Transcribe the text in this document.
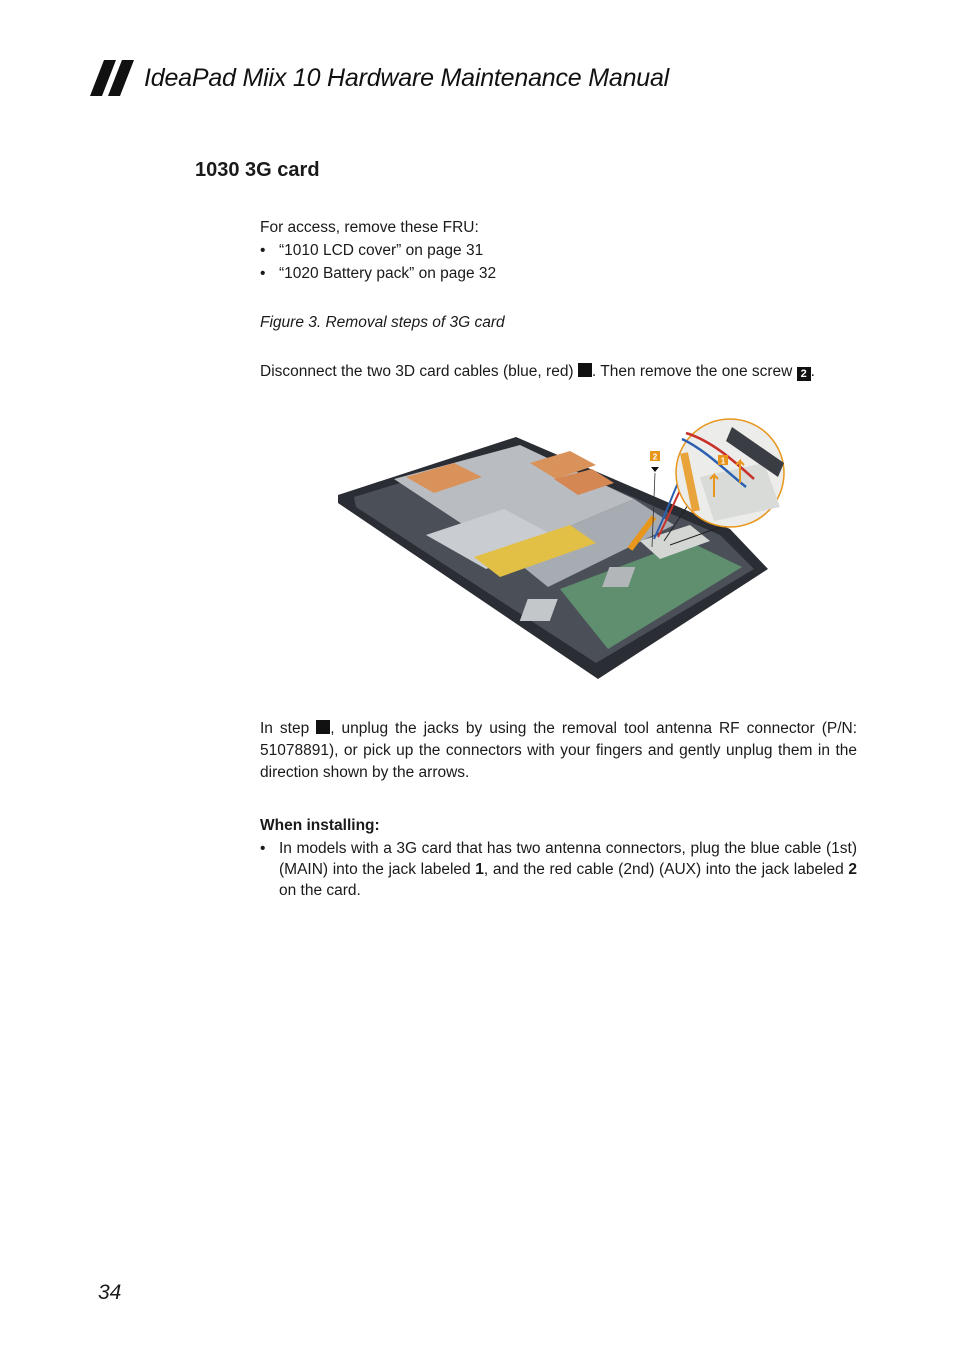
IdeaPad Miix 10 Hardware Maintenance Manual
1030 3G card
For access, remove these FRU:
• “1010 LCD cover” on page 31
• “1020 Battery pack” on page 32
Figure 3. Removal steps of 3G card
Disconnect the two 3D card cables (blue, red) . Then remove the one screw 2 .
2	1
In step , unplug the jacks by using the removal tool antenna RF connector (P/N: 51078891), or pick up the connectors with your fingers and gently unplug them in the direction shown by the arrows.
When installing:
• In models with a 3G card that has two antenna connectors, plug the blue cable (1st) (MAIN) into the jack labeled 1, and the red cable (2nd) (AUX) into the jack labeled 2 on the card.
34
